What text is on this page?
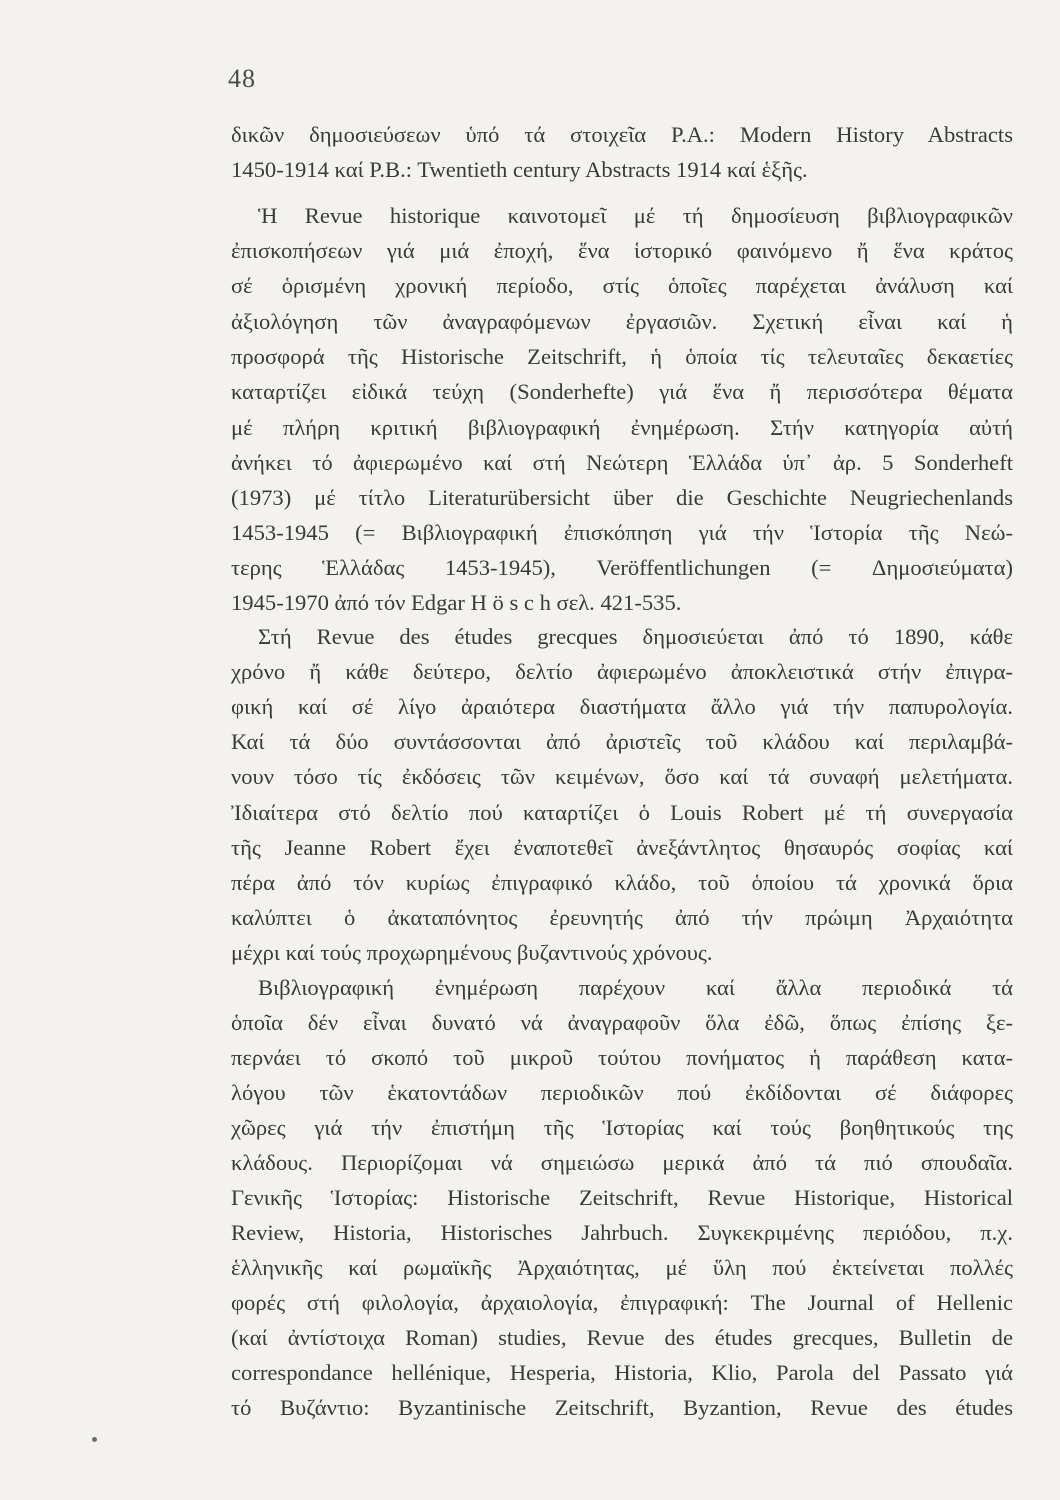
48
δικῶν δημοσιεύσεων ὑπό τά στοιχεῖα P.A.: Modern History Abstracts
1450-1914 καί P.B.: Twentieth century Abstracts 1914 καί ἑξῆς.
Ἡ Revue historique καινοτομεῖ μέ τή δημοσίευση βιβλιογραφικῶν
ἐπισκοπήσεων γιά μιά ἐποχή, ἕνα ἱστορικό φαινόμενο ἤ ἕνα κράτος
σέ ὁρισμένη χρονική περίοδο, στίς ὁποῖες παρέχεται ἀνάλυση καί
ἀξιολόγηση τῶν ἀναγραφόμενων ἐργασιῶν. Σχετική εἶναι καί ἡ
προσφορά τῆς Historische Zeitschrift, ἡ ὁποία τίς τελευταῖες δεκαετίες
καταρτίζει εἰδικά τεύχη (Sonderhefte) γιά ἕνα ἤ περισσότερα θέματα
μέ πλήρη κριτική βιβλιογραφική ἐνημέρωση. Στήν κατηγορία αὐτή
ἀνήκει τό ἀφιερωμένο καί στή Νεώτερη Ἑλλάδα ὑπ᾽ ἀρ. 5 Sonderheft
(1973) μέ τίτλο Literaturübersicht über die Geschichte Neugriechenlands
1453-1945 (= Βιβλιογραφική ἐπισκόπηση γιά τήν Ἱστορία τῆς Νεώ-
τερης Ἑλλάδας 1453-1945), Veröffentlichungen (= Δημοσιεύματα)
1945-1970 ἀπό τόν Edgar H ö s c h σελ. 421-535.
Στή Revue des études grecques δημοσιεύεται ἀπό τό 1890, κάθε
χρόνο ἤ κάθε δεύτερο, δελτίο ἀφιερωμένο ἀποκλειστικά στήν ἐπιγρα-
φική καί σέ λίγο ἀραιότερα διαστήματα ἄλλο γιά τήν παπυρολογία.
Καί τά δύο συντάσσονται ἀπό ἀριστεῖς τοῦ κλάδου καί περιλαμβά-
νουν τόσο τίς ἐκδόσεις τῶν κειμένων, ὅσο καί τά συναφή μελετήματα.
Ἰδιαίτερα στό δελτίο πού καταρτίζει ὁ Louis Robert μέ τή συνεργασία
τῆς Jeanne Robert ἔχει ἐναποτεθεῖ ἀνεξάντλητος θησαυρός σοφίας καί
πέρα ἀπό τόν κυρίως ἐπιγραφικό κλάδο, τοῦ ὁποίου τά χρονικά ὅρια
καλύπτει ὁ ἀκαταπόνητος ἐρευνητής ἀπό τήν πρώιμη Ἀρχαιότητα
μέχρι καί τούς προχωρημένους βυζαντινούς χρόνους.
Βιβλιογραφική ἐνημέρωση παρέχουν καί ἄλλα περιοδικά τά
ὁποῖα δέν εἶναι δυνατό νά ἀναγραφοῦν ὅλα ἐδῶ, ὅπως ἐπίσης ξε-
περνάει τό σκοπό τοῦ μικροῦ τούτου πονήματος ἡ παράθεση κατα-
λόγου τῶν ἑκατοντάδων περιοδικῶν πού ἐκδίδονται σέ διάφορες
χῶρες γιά τήν ἐπιστήμη τῆς Ἱστορίας καί τούς βοηθητικούς της
κλάδους. Περιορίζομαι νά σημειώσω μερικά ἀπό τά πιό σπουδαῖα.
Γενικῆς Ἱστορίας: Historische Zeitschrift, Revue Historique, Historical
Review, Historia, Historisches Jahrbuch. Συγκεκριμένης περιόδου, π.χ.
ἑλληνικῆς καί ρωμαϊκῆς Ἀρχαιότητας, μέ ὕλη πού ἐκτείνεται πολλές
φορές στή φιλολογία, ἀρχαιολογία, ἐπιγραφική: The Journal of Hellenic
(καί ἀντίστοιχα Roman) studies, Revue des études grecques, Bulletin de
correspondance hellénique, Hesperia, Historia, Klio, Parola del Passato γιά
τό Βυζάντιο: Byzantinische Zeitschrift, Byzantion, Revue des études
